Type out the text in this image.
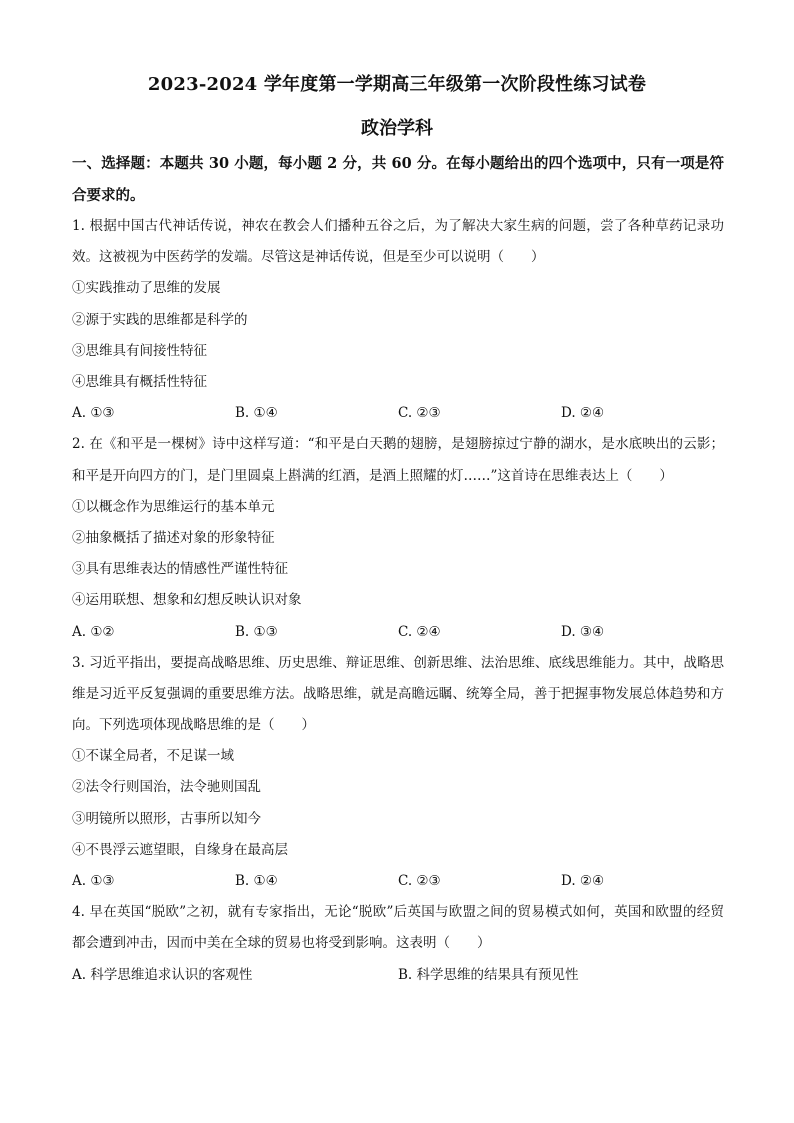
2023-2024 学年度第一学期高三年级第一次阶段性练习试卷
政治学科
一、选择题：本题共 30 小题，每小题 2 分，共 60 分。在每小题给出的四个选项中，只有一项是符合要求的。
1. 根据中国古代神话传说，神农在教会人们播种五谷之后，为了解决大家生病的问题，尝了各种草药记录功效。这被视为中医药学的发端。尽管这是神话传说，但是至少可以说明（　　）
①实践推动了思维的发展
②源于实践的思维都是科学的
③思维具有间接性特征
④思维具有概括性特征
A. ①③	B. ①④	C. ②③	D. ②④
2. 在《和平是一棵树》诗中这样写道：“和平是白天鹅的翅膀，是翅膀掠过宁静的湖水，是水底映出的云影；和平是开向四方的门，是门里圆桌上斟满的红酒，是酒上照耀的灯……”这首诗在思维表达上（　　）
①以概念作为思维运行的基本单元
②抽象概括了描述对象的形象特征
③具有思维表达的情感性严谨性特征
④运用联想、想象和幻想反映认识对象
A. ①②	B. ①③	C. ②④	D. ③④
3. 习近平指出，要提高战略思维、历史思维、辩证思维、创新思维、法治思维、底线思维能力。其中，战略思维是习近平反复强调的重要思维方法。战略思维，就是高瞻远瞩、统筹全局，善于把握事物发展总体趋势和方向。下列选项体现战略思维的是（　　）
①不谋全局者，不足谋一域
②法令行则国治，法令驰则国乱
③明镜所以照形，古事所以知今
④不畏浮云遮望眼，自缘身在最高层
A. ①③	B. ①④	C. ②③	D. ②④
4. 早在英国“脱欧”之初，就有专家指出，无论“脱欧”后英国与欧盟之间的贸易模式如何，英国和欧盟的经贸都会遭到冲击，因而中美在全球的贸易也将受到影响。这表明（　　）
A. 科学思维追求认识的客观性	B. 科学思维的结果具有预见性
